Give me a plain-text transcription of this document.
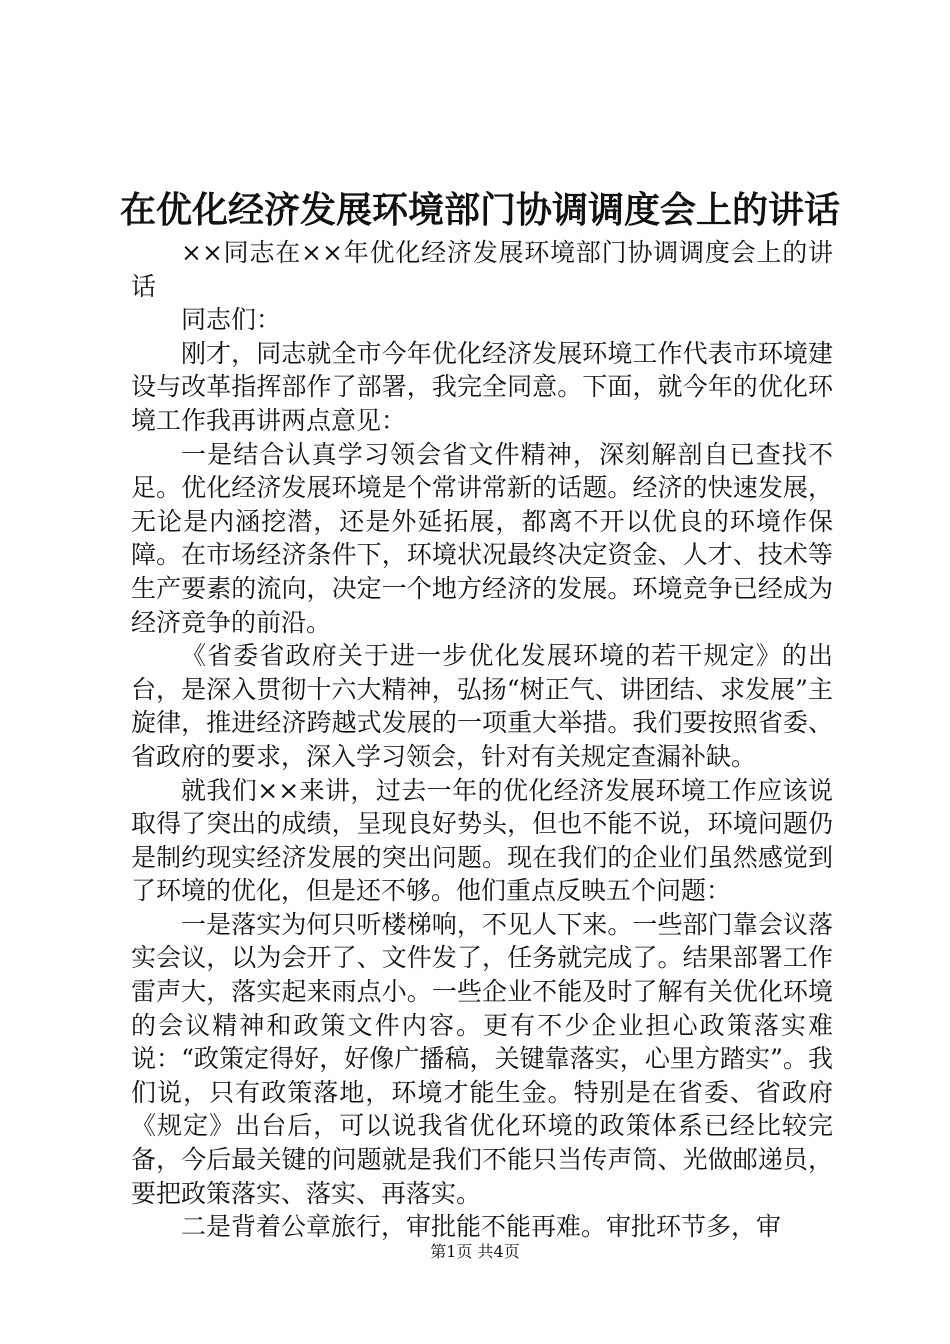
在优化经济发展环境部门协调调度会上的讲话

××同志在××年优化经济发展环境部门协调调度会上的讲话

同志们：

刚才，同志就全市今年优化经济发展环境工作代表市环境建设与改革指挥部作了部署，我完全同意。下面，就今年的优化环境工作我再讲两点意见：

一是结合认真学习领会省文件精神，深刻解剖自已查找不足。优化经济发展环境是个常讲常新的话题。经济的快速发展，无论是内涵挖潜，还是外延拓展，都离不开以优良的环境作保障。在市场经济条件下，环境状况最终决定资金、人才、技术等生产要素的流向，决定一个地方经济的发展。环境竞争已经成为经济竞争的前沿。

《省委省政府关于进一步优化发展环境的若干规定》的出台，是深入贯彻十六大精神，弘扬“树正气、讲团结、求发展”主旋律，推进经济跨越式发展的一项重大举措。我们要按照省委、省政府的要求，深入学习领会，针对有关规定查漏补缺。

就我们××来讲，过去一年的优化经济发展环境工作应该说取得了突出的成绩，呈现良好势头，但也不能不说，环境问题仍是制约现实经济发展的突出问题。现在我们的企业们虽然感觉到了环境的优化，但是还不够。他们重点反映五个问题：

一是落实为何只听楼梯响，不见人下来。一些部门靠会议落实会议，以为会开了、文件发了，任务就完成了。结果部署工作雷声大，落实起来雨点小。一些企业不能及时了解有关优化环境的会议精神和政策文件内容。更有不少企业担心政策落实难说：“政策定得好，好像广播稿，关键靠落实，心里方踏实”。我们说，只有政策落地，环境才能生金。特别是在省委、省政府《规定》出台后，可以说我省优化环境的政策体系已经比较完备，今后最关键的问题就是我们不能只当传声筒、光做邮递员，要把政策落实、落实、再落实。

二是背着公章旅行，审批能不能再难。审批环节多，审

第1页 共4页
